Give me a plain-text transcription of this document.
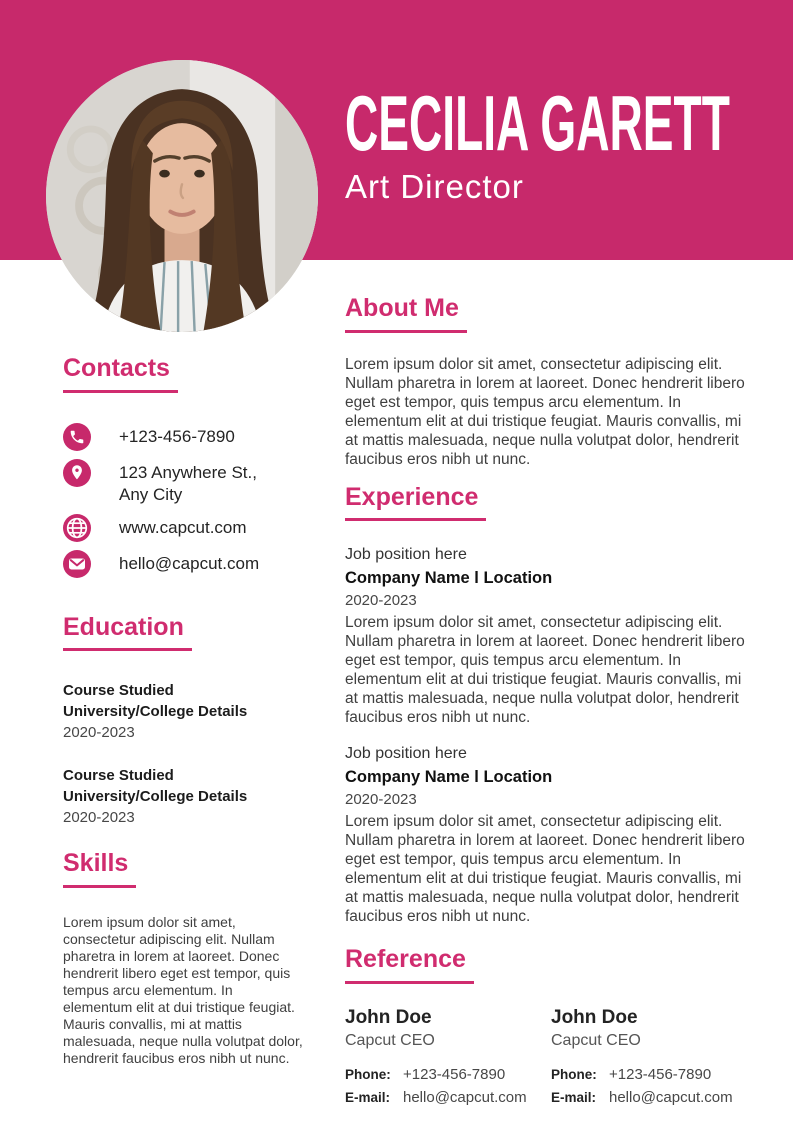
CECILIA GARETT
Art Director
Contacts
+123-456-7890
123 Anywhere St.,
Any City
www.capcut.com
hello@capcut.com
Education
Course Studied
University/College Details
2020-2023
Course Studied
University/College Details
2020-2023
Skills

Lorem ipsum dolor sit amet, consectetur adipiscing elit. Nullam pharetra in lorem at laoreet. Donec hendrerit libero eget est tempor, quis tempus arcu elementum. In elementum elit at dui tristique feugiat. Mauris convallis, mi at mattis malesuada, neque nulla volutpat dolor, hendrerit faucibus eros nibh ut nunc.

About Me

Lorem ipsum dolor sit amet, consectetur adipiscing elit. Nullam pharetra in lorem at laoreet. Donec hendrerit libero eget est tempor, quis tempus arcu elementum. In elementum elit at dui tristique feugiat. Mauris convallis, mi at mattis malesuada, neque nulla volutpat dolor, hendrerit faucibus eros nibh ut nunc.

Experience
Job position here
Company Name l Location
2020-2023

Lorem ipsum dolor sit amet, consectetur adipiscing elit. Nullam pharetra in lorem at laoreet. Donec hendrerit libero eget est tempor, quis tempus arcu elementum. In elementum elit at dui tristique feugiat. Mauris convallis, mi at mattis malesuada, neque nulla volutpat dolor, hendrerit faucibus eros nibh ut nunc.

Job position here
Company Name l Location
2020-2023

Lorem ipsum dolor sit amet, consectetur adipiscing elit. Nullam pharetra in lorem at laoreet. Donec hendrerit libero eget est tempor, quis tempus arcu elementum. In elementum elit at dui tristique feugiat. Mauris convallis, mi at mattis malesuada, neque nulla volutpat dolor, hendrerit faucibus eros nibh ut nunc.

Reference
John Doe
Capcut CEO
Phone: +123-456-7890
E-mail: hello@capcut.com
John Doe
Capcut CEO
Phone: +123-456-7890
E-mail: hello@capcut.com
